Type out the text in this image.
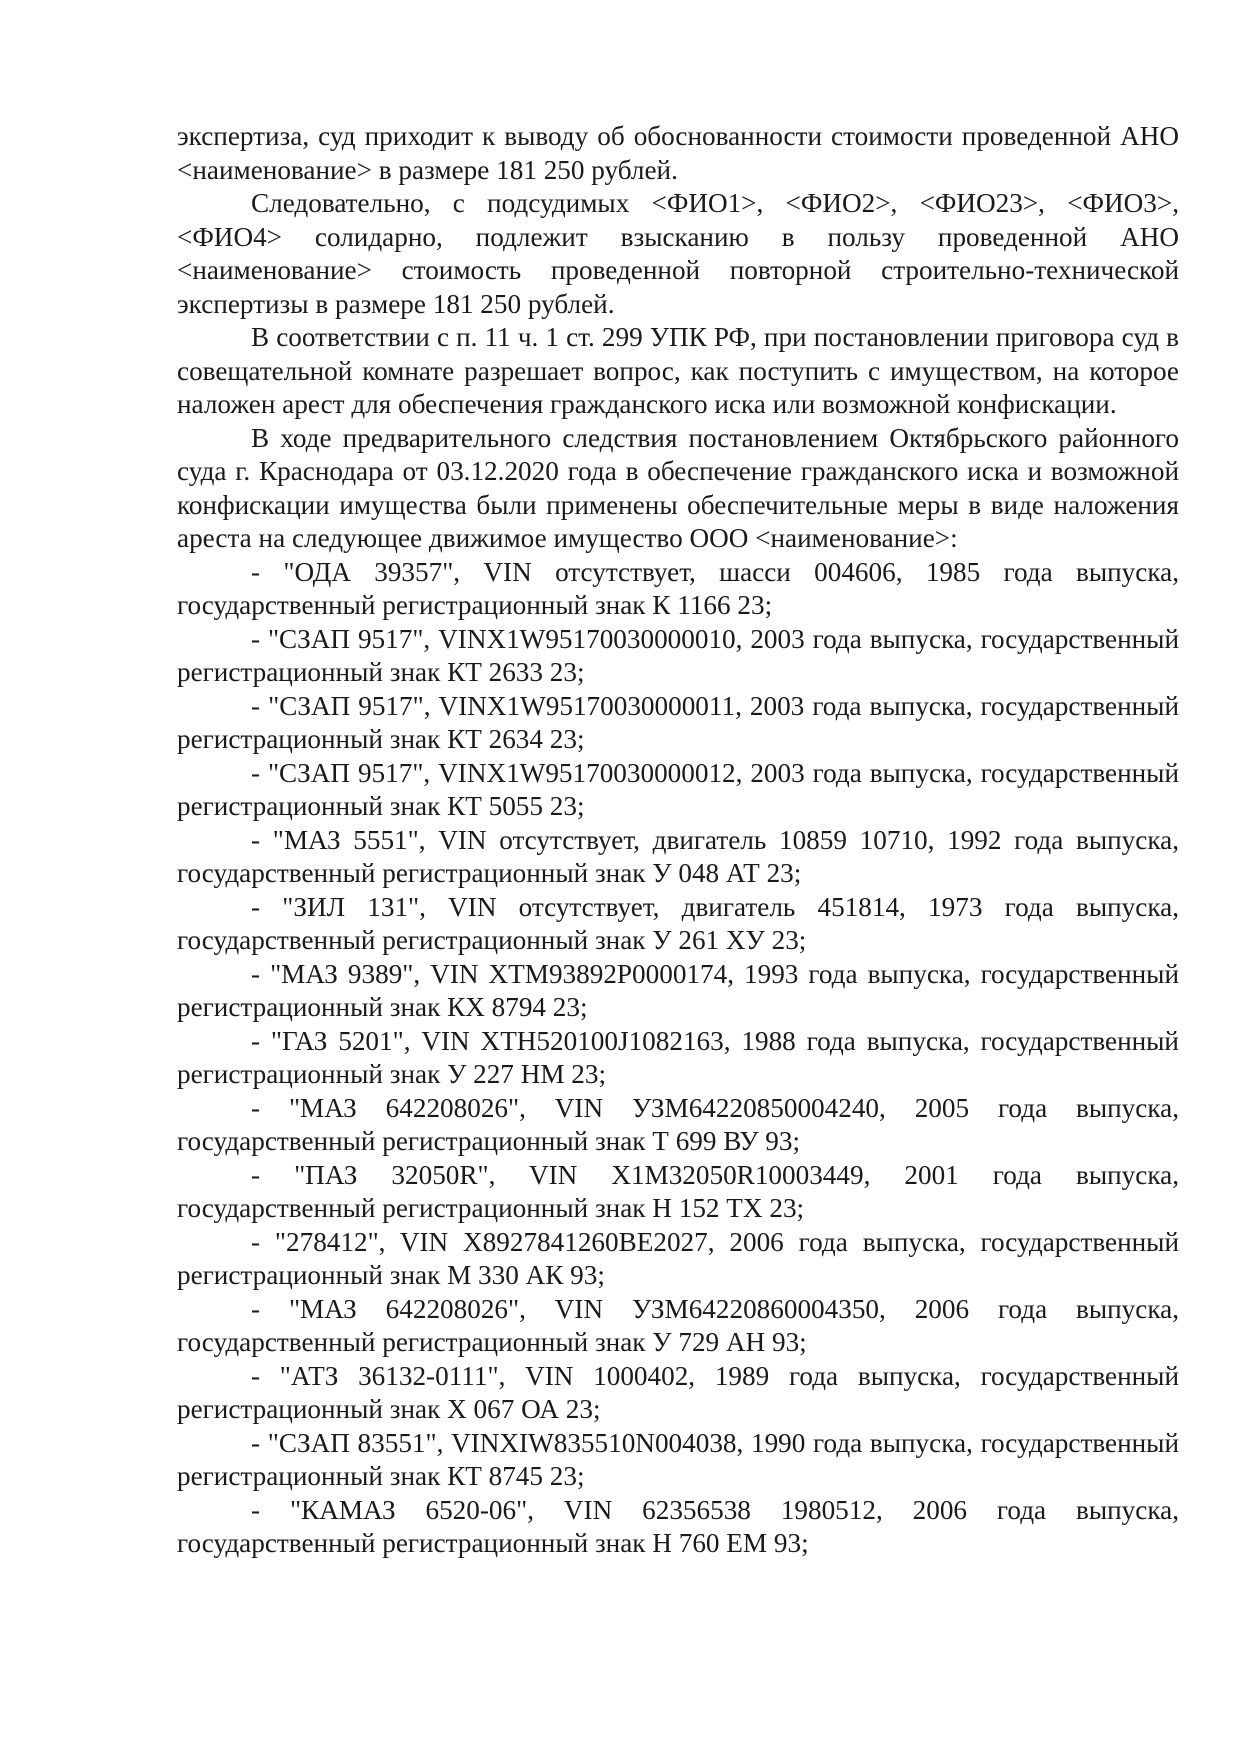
экспертиза, суд приходит к выводу об обоснованности стоимости проведенной АНО <наименование> в размере 181 250 рублей.

Следовательно, с подсудимых <ФИО1>, <ФИО2>, <ФИО23>, <ФИО3>, <ФИО4> солидарно, подлежит взысканию в пользу проведенной АНО <наименование> стоимость проведенной повторной строительно-технической экспертизы в размере 181 250 рублей.

В соответствии с п. 11 ч. 1 ст. 299 УПК РФ, при постановлении приговора суд в совещательной комнате разрешает вопрос, как поступить с имуществом, на которое наложен арест для обеспечения гражданского иска или возможной конфискации.

В ходе предварительного следствия постановлением Октябрьского районного суда г. Краснодара от 03.12.2020 года в обеспечение гражданского иска и возможной конфискации имущества были применены обеспечительные меры в виде наложения ареста на следующее движимое имущество ООО <наименование>:

- "ОДА 39357", VIN отсутствует, шасси 004606, 1985 года выпуска, государственный регистрационный знак К 1166 23;

- "СЗАП 9517", VINX1W95170030000010, 2003 года выпуска, государственный регистрационный знак КТ 2633 23;

- "СЗАП 9517", VINX1W95170030000011, 2003 года выпуска, государственный регистрационный знак КТ 2634 23;

- "СЗАП 9517", VINX1W95170030000012, 2003 года выпуска, государственный регистрационный знак КТ 5055 23;

- "МАЗ 5551", VIN отсутствует, двигатель 10859 10710, 1992 года выпуска, государственный регистрационный знак У 048 АТ 23;

- "ЗИЛ 131", VIN отсутствует, двигатель 451814, 1973 года выпуска, государственный регистрационный знак У 261 ХУ 23;

- "МАЗ 9389", VIN XTM93892P0000174, 1993 года выпуска, государственный регистрационный знак КХ 8794 23;

- "ГАЗ 5201", VIN XTH520100J1082163, 1988 года выпуска, государственный регистрационный знак У 227 НМ 23;

- "МАЗ 642208026", VIN УЗМ64220850004240, 2005 года выпуска, государственный регистрационный знак Т 699 ВУ 93;

- "ПАЗ 32050R", VIN X1M32050R10003449, 2001 года выпуска, государственный регистрационный знак Н 152 ТХ 23;

- "278412", VIN X8927841260BE2027, 2006 года выпуска, государственный регистрационный знак М 330 АК 93;

- "МАЗ 642208026", VIN УЗМ64220860004350, 2006 года выпуска, государственный регистрационный знак У 729 АН 93;

- "АТЗ 36132-0111", VIN 1000402, 1989 года выпуска, государственный регистрационный знак Х 067 ОА 23;

- "СЗАП 83551", VINXIW835510N004038, 1990 года выпуска, государственный регистрационный знак КТ 8745 23;

- "КАМАЗ 6520-06", VIN 62356538 1980512, 2006 года выпуска, государственный регистрационный знак Н 760 ЕМ 93;
